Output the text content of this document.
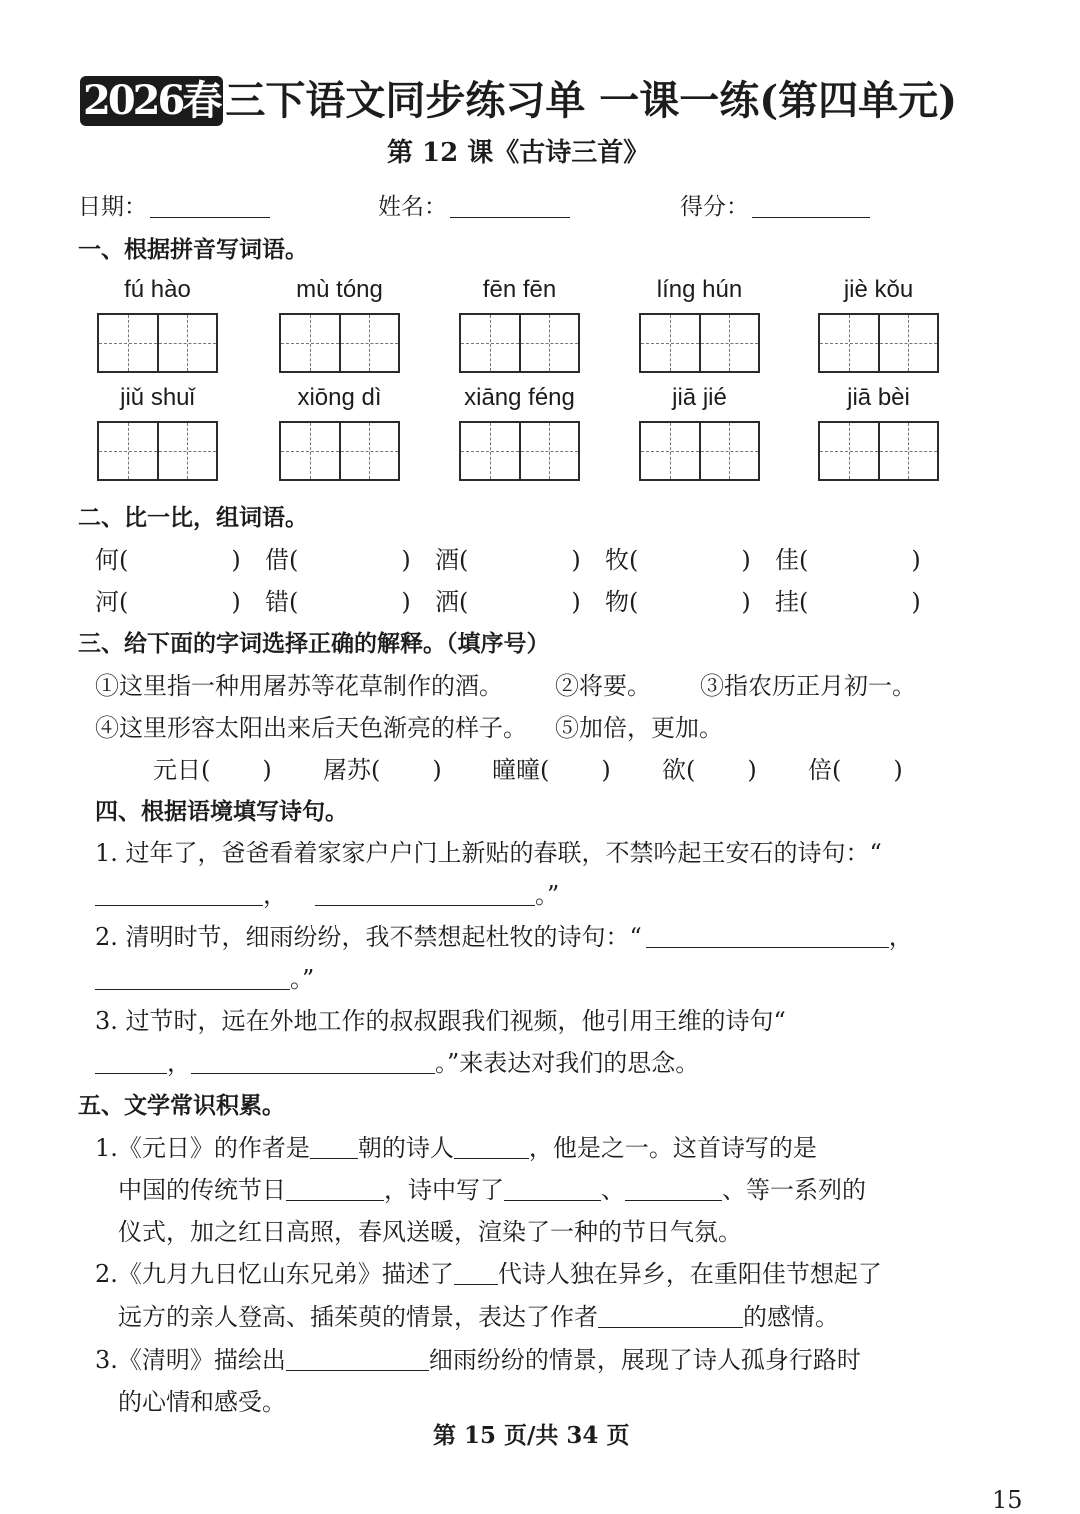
2026春 三下语文同步练习单 一课一练(第四单元)
第 12 课《古诗三首》
日期：	姓名：	得分：
一、根据拼音写词语。
fú hào	mù tóng	fēn fēn	líng hún	jiè kǒu
jiǔ shuǐ	xiōng dì	xiāng féng	jiā jié	jiā bèi
二、比一比，组词语。
何(	) 借(	) 酒(	) 牧(	) 佳(	)
河(	) 错(	) 洒(	) 物(	) 挂(	)
三、给下面的字词选择正确的解释。（填序号）
①这里指一种用屠苏等花草制作的酒。 ②将要。 ③指农历正月初一。
④这里形容太阳出来后天色渐亮的样子。 ⑤加倍，更加。
元日( ) 屠苏( ) 曈曈( ) 欲( ) 倍( )
四、根据语境填写诗句。
1. 过年了，爸爸看着家家户户门上新贴的春联，不禁吟起王安石的诗句：“
，	。”
2. 清明时节，细雨纷纷，我不禁想起杜牧的诗句：“	，
。”
3. 过节时，远在外地工作的叔叔跟我们视频，他引用王维的诗句“
，	。”来表达对我们的思念。
五、文学常识积累。
1.《元日》的作者是 朝的诗人	，他是 之一。这首诗写的是
中国的传统节日	，诗中写了	、	、 等一系列的
仪式，加之红日高照，春风送暖，渲染了一种 的节日气氛。
2.《九月九日忆山东兄弟》描述了 代诗人 独在异乡，在重阳佳节想起了
远方的亲人登高、插茱萸的情景，表达了作者	的感情。
3.《清明》描绘出	细雨纷纷的情景，展现了诗人孤身行路时
的心情和感受。
第 15 页/共 34 页
15
